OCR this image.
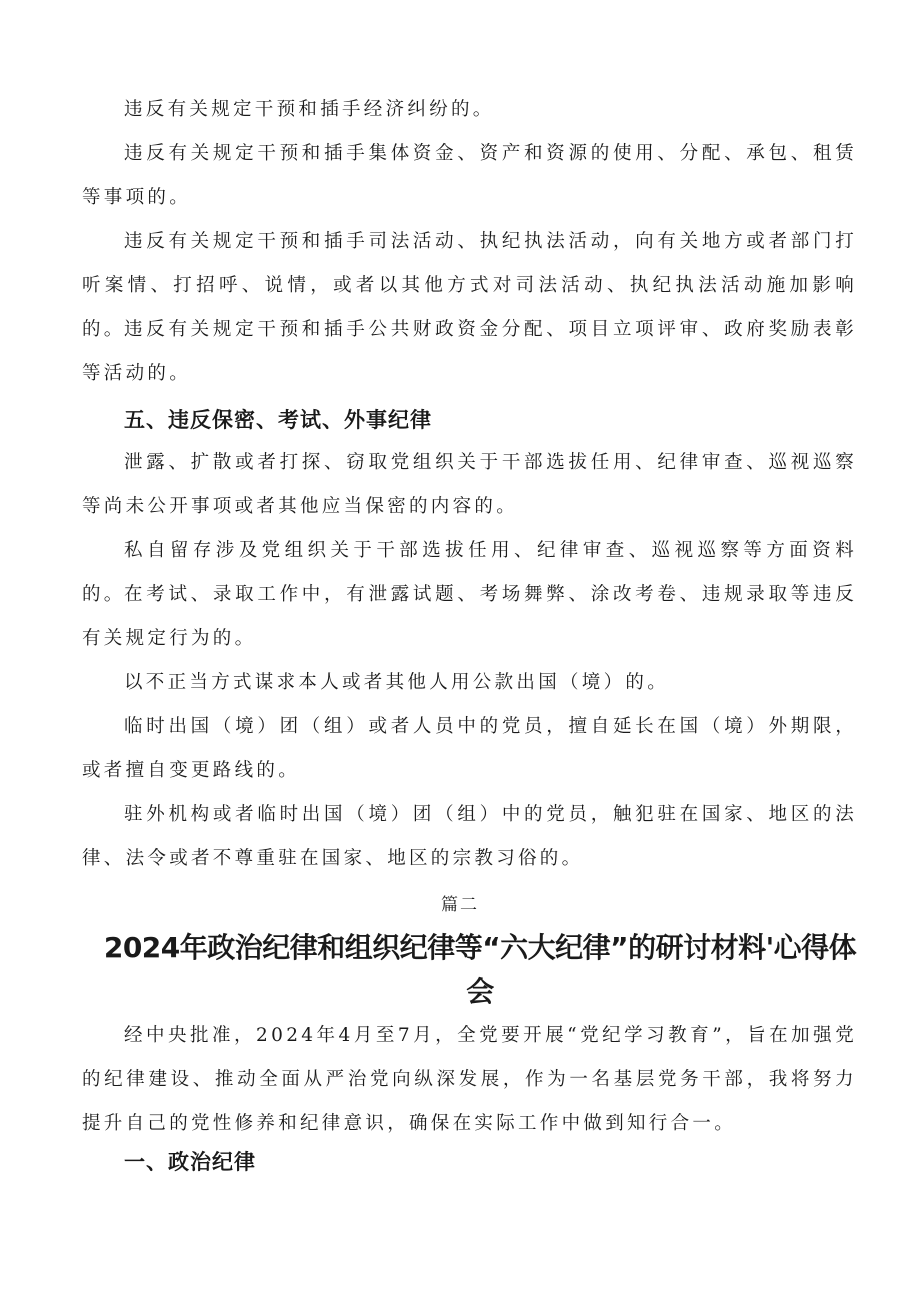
违反有关规定干预和插手经济纠纷的。

违反有关规定干预和插手集体资金、资产和资源的使用、分配、承包、租赁等事项的。

违反有关规定干预和插手司法活动、执纪执法活动，向有关地方或者部门打听案情、打招呼、说情，或者以其他方式对司法活动、执纪执法活动施加影响的。

违反有关规定干预和插手公共财政资金分配、项目立项评审、政府奖励表彰等活动的。

五、违反保密、考试、外事纪律

泄露、扩散或者打探、窃取党组织关于干部选拔任用、纪律审查、巡视巡察等尚未公开事项或者其他应当保密的内容的。

私自留存涉及党组织关于干部选拔任用、纪律审查、巡视巡察等方面资料的。

在考试、录取工作中，有泄露试题、考场舞弊、涂改考卷、违规录取等违反有关规定行为的。

以不正当方式谋求本人或者其他人用公款出国（境）的。

临时出国（境）团（组）或者人员中的党员，擅自延长在国（境）外期限，或者擅自变更路线的。

驻外机构或者临时出国（境）团（组）中的党员，触犯驻在国家、地区的法律、法令或者不尊重驻在国家、地区的宗教习俗的。

篇二

2024年政治纪律和组织纪律等“六大纪律”的研讨材料'心得体会

经中央批准，2024年4月至7月，全党要开展“党纪学习教育”，旨在加强党的纪律建设、推动全面从严治党向纵深发展，作为一名基层党务干部，我将努力提升自己的党性修养和纪律意识，确保在实际工作中做到知行合一。

一、政治纪律
